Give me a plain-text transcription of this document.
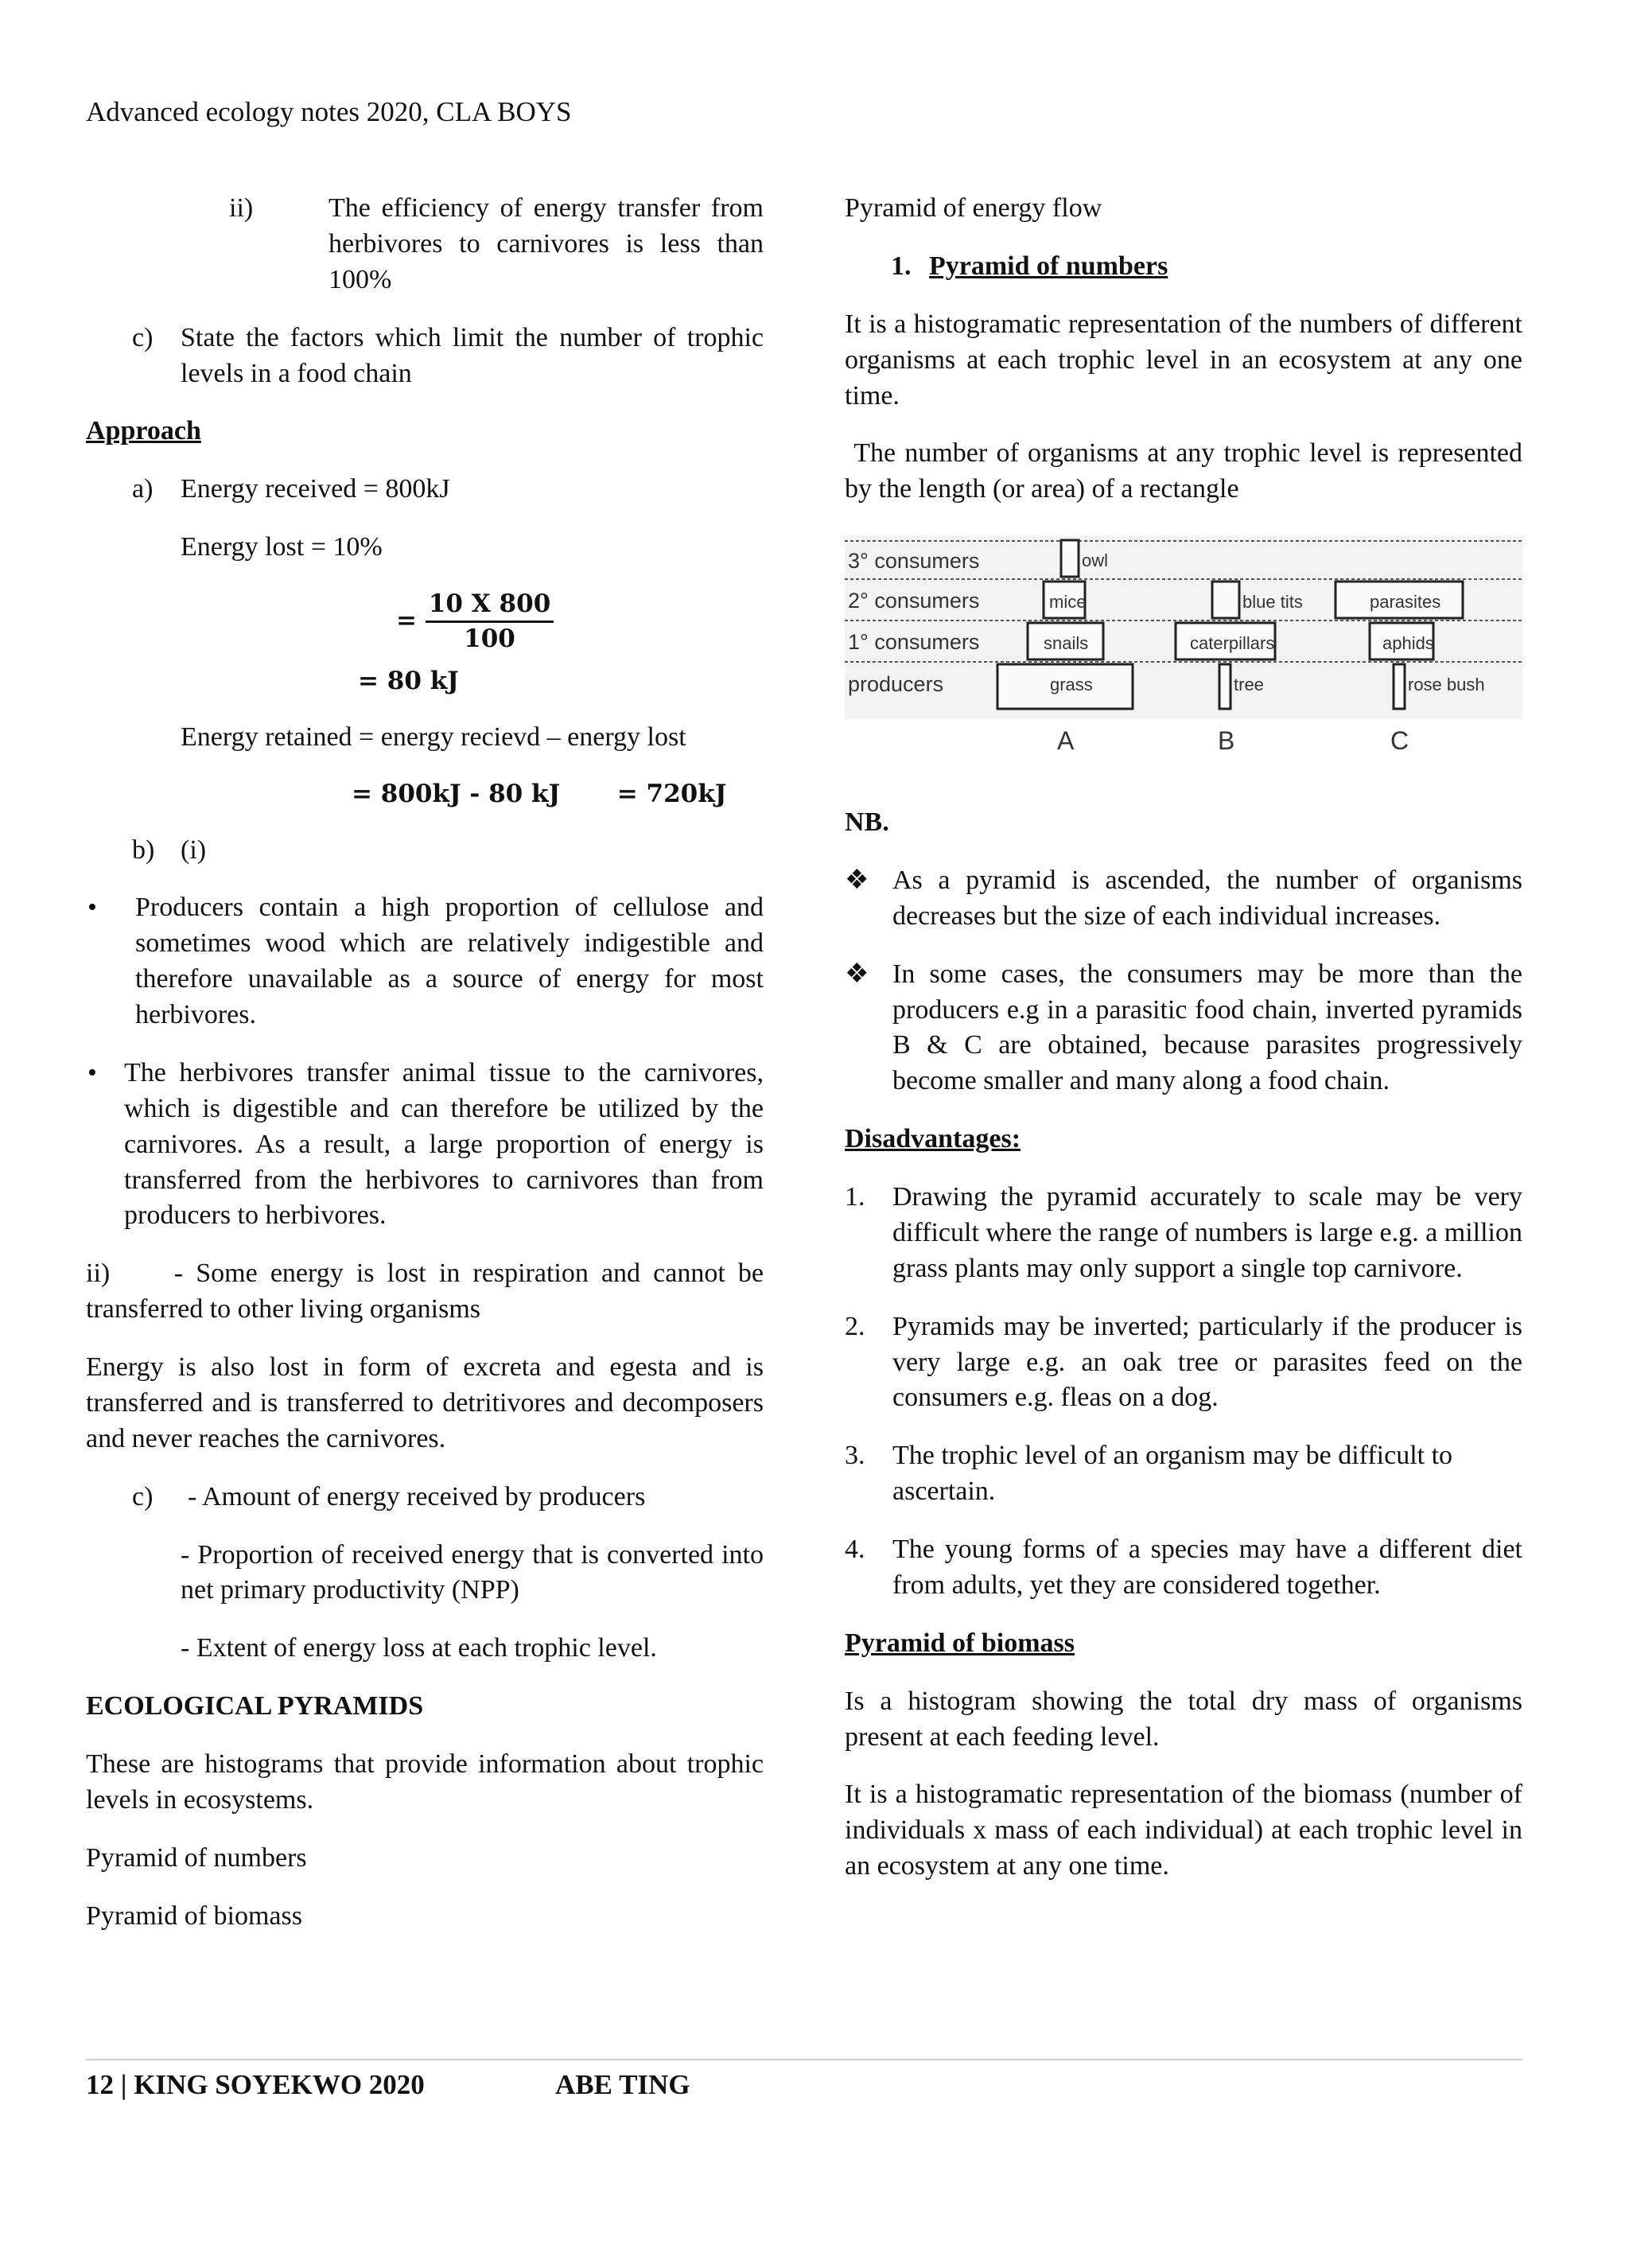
Advanced ecology notes 2020, CLA BOYS
ii)	The efficiency of energy transfer from herbivores to carnivores is less than 100%
c)	State the factors which limit the number of trophic levels in a food chain

Approach

a)	Energy received = 800kJ

Energy lost = 10%

= $\frac{10 X 800}{100}$

= 80 kJ

Energy retained = energy recievd – energy lost

= 800kJ - 80 kJ = 720kJ

b) (i)
•	Producers contain a high proportion of cellulose and sometimes wood which are relatively indigestible and therefore unavailable as a source of energy for most herbivores.
•	The herbivores transfer animal tissue to the carnivores, which is digestible and can therefore be utilized by the carnivores. As a result, a large proportion of energy is transferred from the herbivores to carnivores than from producers to herbivores.

ii)     - Some energy is lost in respiration and cannot be transferred to other living organisms

Energy is also lost in form of excreta and egesta and is transferred and is transferred to detritivores and decomposers and never reaches the carnivores.

c)	- Amount of energy received by producers

- Proportion of received energy that is converted into net primary productivity (NPP)

- Extent of energy loss at each trophic level.

ECOLOGICAL PYRAMIDS

These are histograms that provide information about trophic levels in ecosystems.

Pyramid of numbers

Pyramid of biomass

Pyramid of energy flow

1. Pyramid of numbers

It is a histogramatic representation of the numbers of different organisms at each trophic level in an ecosystem at any one time.

The number of organisms at any trophic level is represented by the length (or area) of a rectangle

3° consumers
2° consumers
1° consumers
producers
owl
mice
snails
grass
blue tits
caterpillars
tree
parasites
aphids
rose bush
A	B	C

NB.

❖ As a pyramid is ascended, the number of organisms decreases but the size of each individual increases.
❖ In some cases, the consumers may be more than the producers e.g in a parasitic food chain, inverted pyramids B & C are obtained, because parasites progressively become smaller and many along a food chain.

Disadvantages:

1.	Drawing the pyramid accurately to scale may be very difficult where the range of numbers is large e.g. a million grass plants may only support a single top carnivore.
2.	Pyramids may be inverted; particularly if the producer is very large e.g. an oak tree or parasites feed on the consumers e.g. fleas on a dog.
3.	The trophic level of an organism may be difficult to ascertain.
4.	The young forms of a species may have a different diet from adults, yet they are considered together.

Pyramid of biomass

Is a histogram showing the total dry mass of organisms present at each feeding level.

It is a histogramatic representation of the biomass (number of individuals x mass of each individual) at each trophic level in an ecosystem at any one time.

12 | KING SOYEKWO 2020	ABE TING
